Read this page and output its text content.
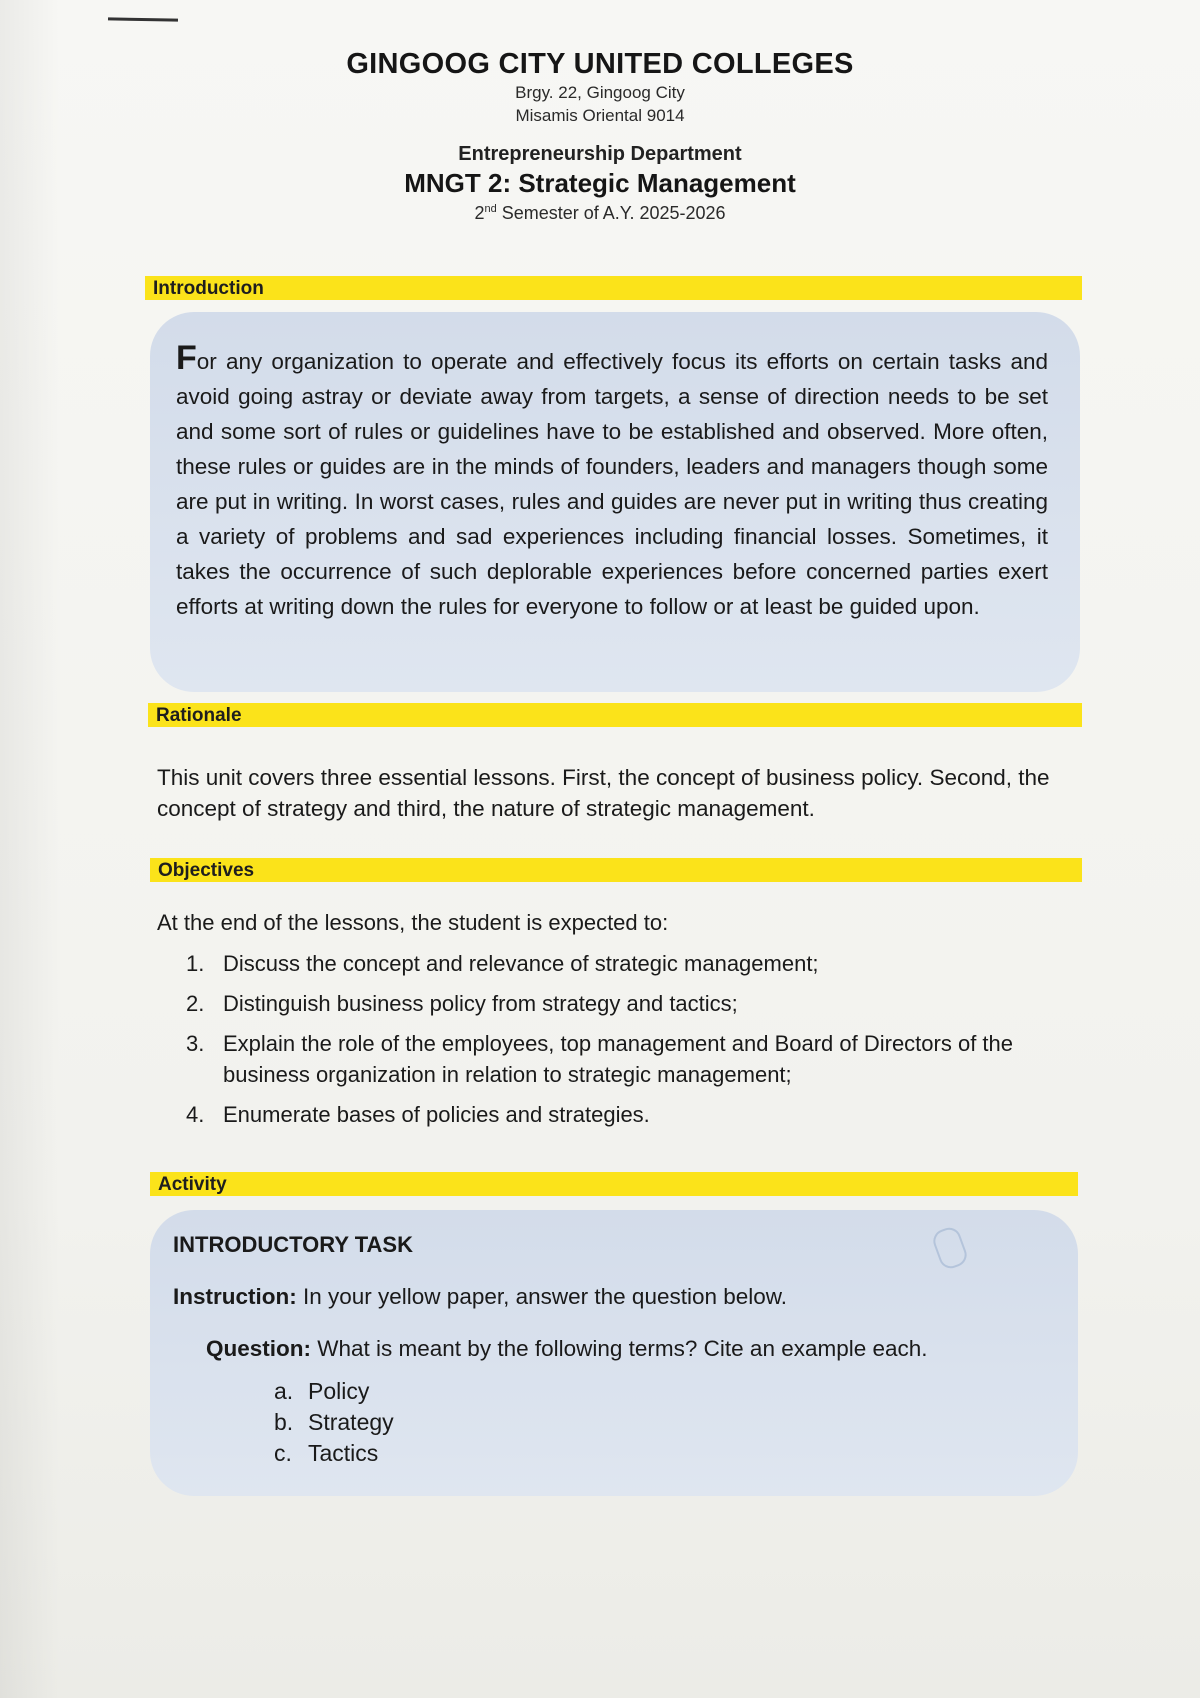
GINGOOG CITY UNITED COLLEGES
Brgy. 22, Gingoog City
Misamis Oriental 9014
Entrepreneurship Department
MNGT 2: Strategic Management
2nd Semester of A.Y. 2025-2026
Introduction
For any organization to operate and effectively focus its efforts on certain tasks and avoid going astray or deviate away from targets, a sense of direction needs to be set and some sort of rules or guidelines have to be established and observed. More often, these rules or guides are in the minds of founders, leaders and managers though some are put in writing. In worst cases, rules and guides are never put in writing thus creating a variety of problems and sad experiences including financial losses. Sometimes, it takes the occurrence of such deplorable experiences before concerned parties exert efforts at writing down the rules for everyone to follow or at least be guided upon.
Rationale
This unit covers three essential lessons. First, the concept of business policy. Second, the concept of strategy and third, the nature of strategic management.
Objectives
At the end of the lessons, the student is expected to:
1. Discuss the concept and relevance of strategic management;
2. Distinguish business policy from strategy and tactics;
3. Explain the role of the employees, top management and Board of Directors of the business organization in relation to strategic management;
4. Enumerate bases of policies and strategies.
Activity
INTRODUCTORY TASK
Instruction: In your yellow paper, answer the question below.
Question: What is meant by the following terms? Cite an example each.
a. Policy
b. Strategy
c. Tactics
